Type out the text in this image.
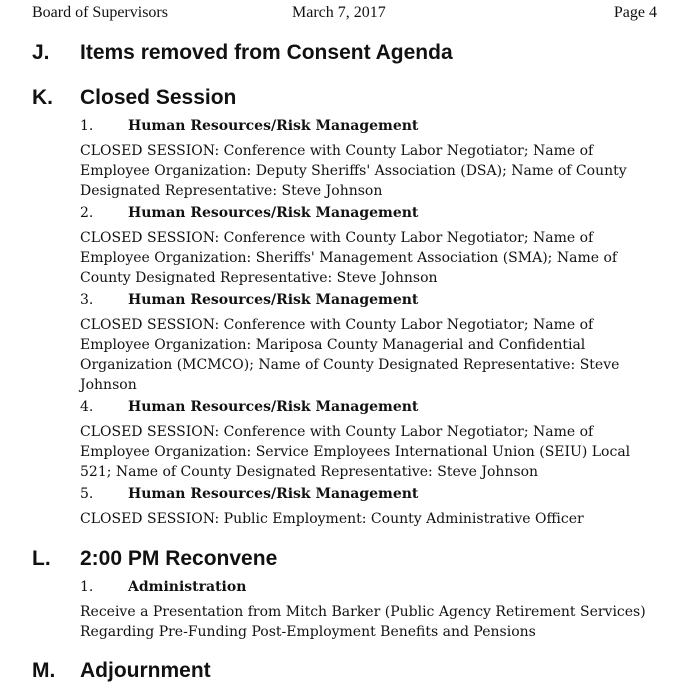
Board of Supervisors	March 7, 2017	Page 4
J. Items removed from Consent Agenda
K. Closed Session
1. Human Resources/Risk Management

CLOSED SESSION: Conference with County Labor Negotiator; Name of
Employee Organization: Deputy Sheriffs' Association (DSA); Name of County
Designated Representative: Steve Johnson

2. Human Resources/Risk Management

CLOSED SESSION: Conference with County Labor Negotiator; Name of
Employee Organization: Sheriffs' Management Association (SMA); Name of
County Designated Representative: Steve Johnson

3. Human Resources/Risk Management

CLOSED SESSION: Conference with County Labor Negotiator; Name of
Employee Organization: Mariposa County Managerial and Confidential
Organization (MCMCO); Name of County Designated Representative: Steve
Johnson

4. Human Resources/Risk Management

CLOSED SESSION: Conference with County Labor Negotiator; Name of
Employee Organization: Service Employees International Union (SEIU) Local
521; Name of County Designated Representative: Steve Johnson

5. Human Resources/Risk Management

CLOSED SESSION: Public Employment: County Administrative Officer

L. 2:00 PM Reconvene
1. Administration

Receive a Presentation from Mitch Barker (Public Agency Retirement Services)
Regarding Pre-Funding Post-Employment Benefits and Pensions

M. Adjournment
